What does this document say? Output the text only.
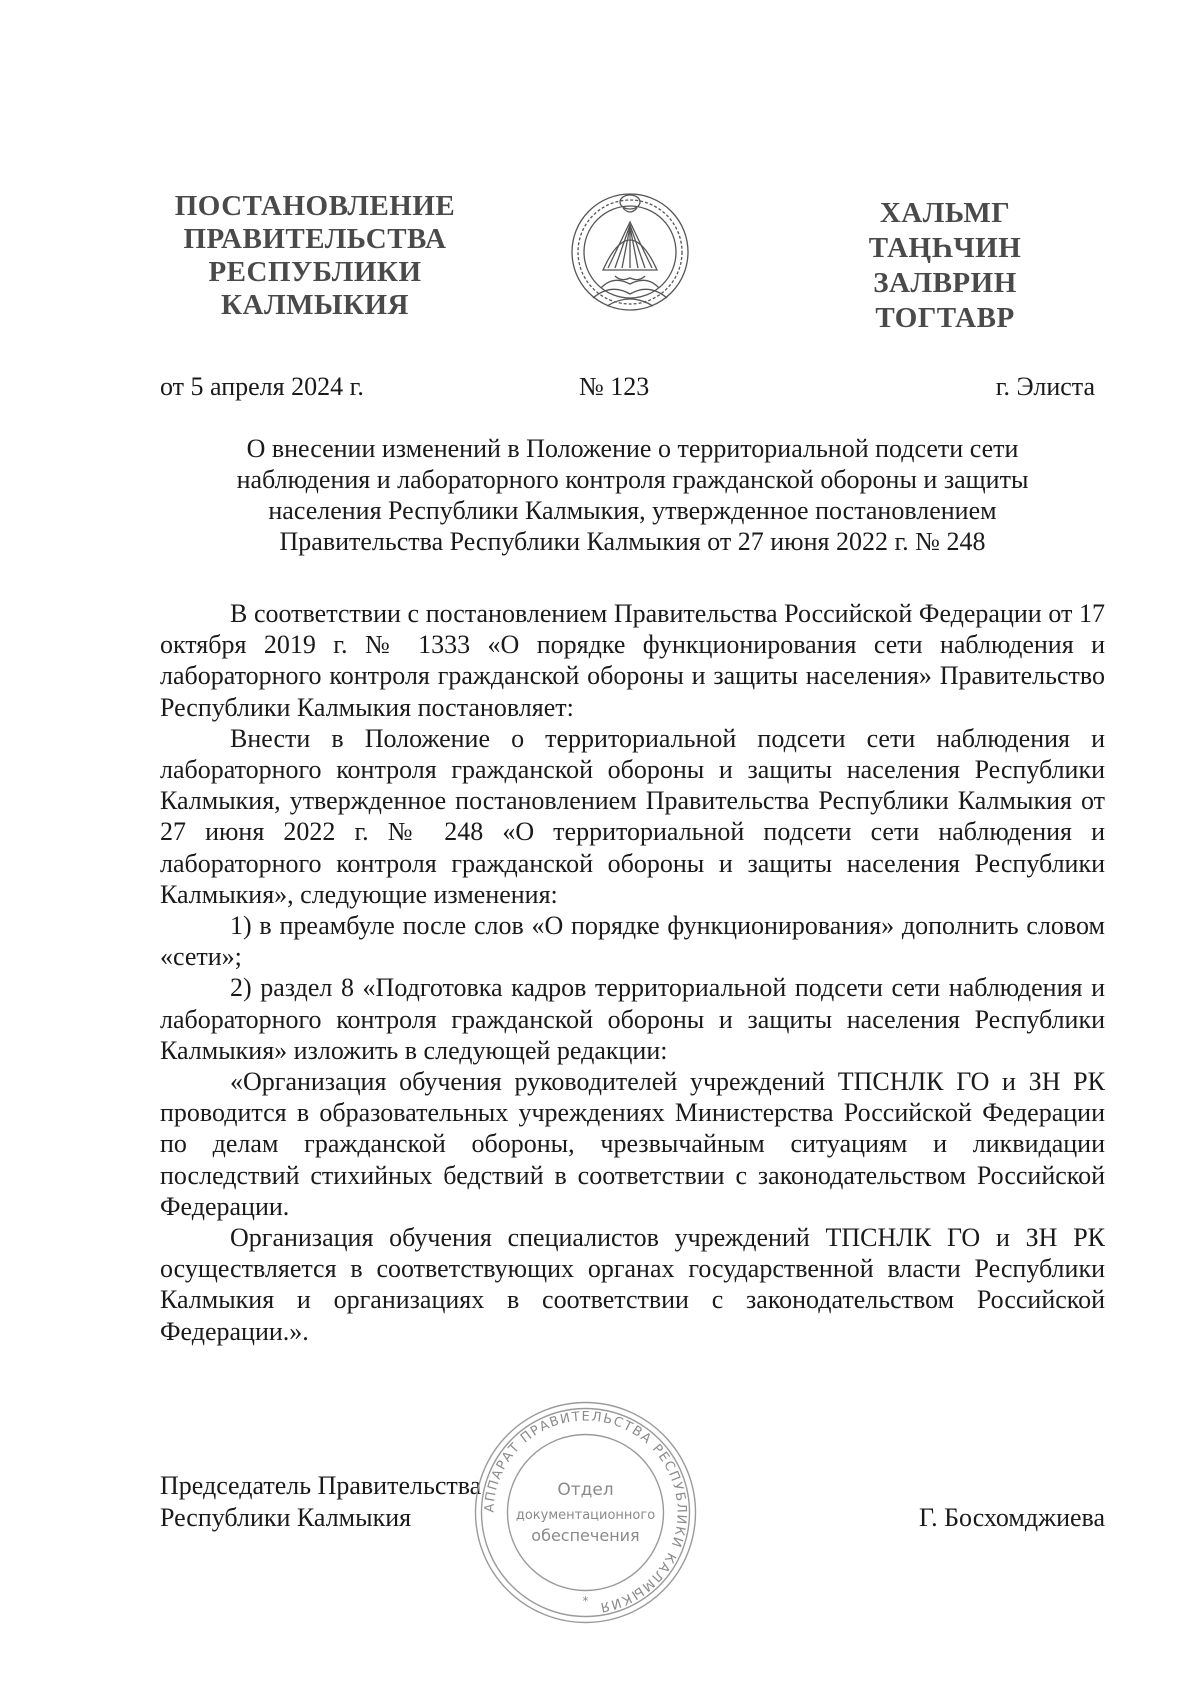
ПОСТАНОВЛЕНИЕ
ПРАВИТЕЛЬСТВА
РЕСПУБЛИКИ
КАЛМЫКИЯ
ХАЛЬМГ
ТАҢҺЧИН
ЗАЛВРИН
ТОГТАВР
от 5 апреля 2024 г.	№ 123	г. Элиста
О внесении изменений в Положение о территориальной подсети сети
наблюдения и лабораторного контроля гражданской обороны и защиты
населения Республики Калмыкия, утвержденное постановлением
Правительства Республики Калмыкия от 27 июня 2022 г. № 248

В соответствии с постановлением Правительства Российской Федерации от 17 октября 2019 г. № 1333 «О порядке функционирования сети наблюдения и лабораторного контроля гражданской обороны и защиты населения» Правительство Республики Калмыкия постановляет:

Внести в Положение о территориальной подсети сети наблюдения и лабораторного контроля гражданской обороны и защиты населения Республики Калмыкия, утвержденное постановлением Правительства Республики Калмыкия от 27 июня 2022 г. № 248 «О территориальной подсети сети наблюдения и лабораторного контроля гражданской обороны и защиты населения Республики Калмыкия», следующие изменения:

1) в преамбуле после слов «О порядке функционирования» дополнить словом «сети»;

2) раздел 8 «Подготовка кадров территориальной подсети сети наблюдения и лабораторного контроля гражданской обороны и защиты населения Республики Калмыкия» изложить в следующей редакции:

«Организация обучения руководителей учреждений ТПСНЛК ГО и ЗН РК проводится в образовательных учреждениях Министерства Российской Федерации по делам гражданской обороны, чрезвычайным ситуациям и ликвидации последствий стихийных бедствий в соответствии с законодательством Российской Федерации.

Организация обучения специалистов учреждений ТПСНЛК ГО и ЗН РК осуществляется в соответствующих органах государственной власти Республики Калмыкия и организациях в соответствии с законодательством Российской Федерации.».

Председатель Правительства
Республики Калмыкия	АППАРАТ ПРАВИТЕЛЬСТВА РЕСПУБЛИКИ КАЛМЫКИЯ
Отдел
документационного
обеспечения
*
Г. Босхомджиева
